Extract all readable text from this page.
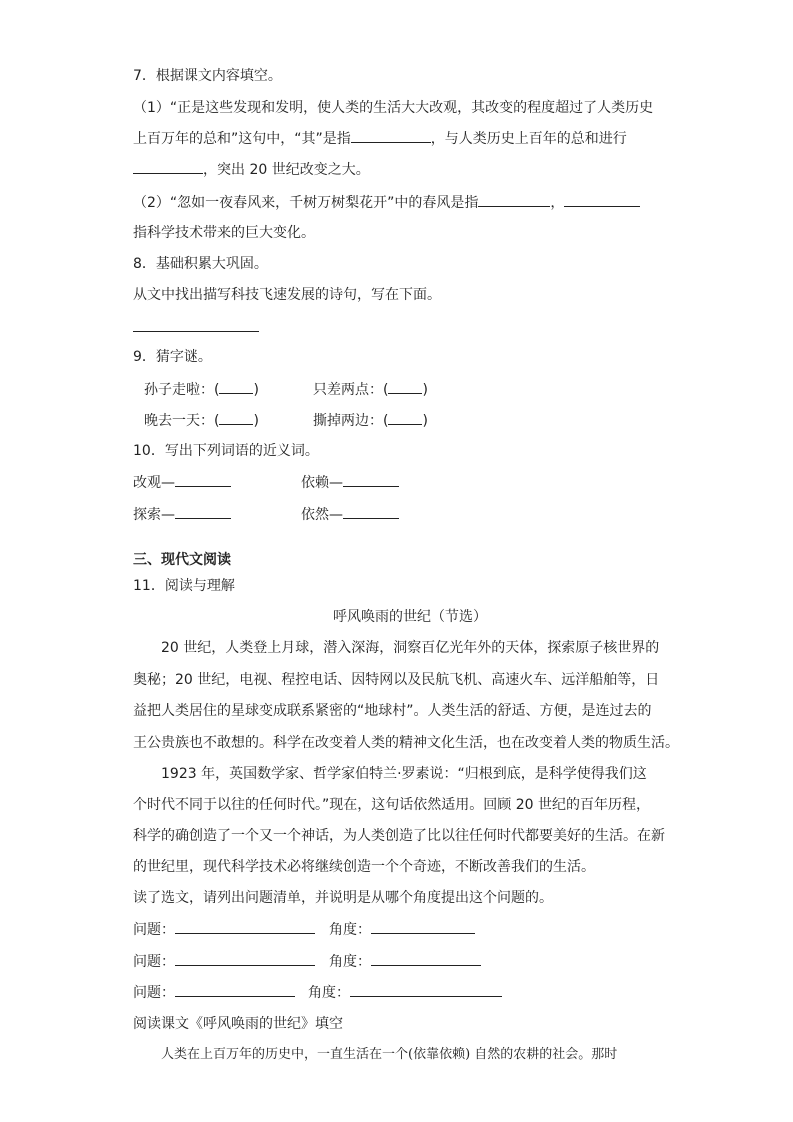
7．根据课文内容填空。
（1）“正是这些发现和发明，使人类的生活大大改观，其改变的程度超过了人类历史
上百万年的总和”这句中，“其”是指	，与人类历史上百年的总和进行
，突出 20 世纪改变之大。
（2）“忽如一夜春风来，千树万树梨花开”中的春风是指	，
指科学技术带来的巨大变化。
8．基础积累大巩固。
从文中找出描写科技飞速发展的诗句，写在下面。
9．猜字谜。
孙子走啦：( )	只差两点：( )
晚去一天：( )	撕掉两边：( )
10．写出下列词语的近义词。
改观—	依赖—
探索—	依然—
三、现代文阅读
11．阅读与理解
呼风唤雨的世纪（节选）
20 世纪，人类登上月球，潜入深海，洞察百亿光年外的天体，探索原子核世界的
奥秘；20 世纪，电视、程控电话、因特网以及民航飞机、高速火车、远洋船舶等，日
益把人类居住的星球变成联系紧密的“地球村”。人类生活的舒适、方便，是连过去的
王公贵族也不敢想的。科学在改变着人类的精神文化生活，也在改变着人类的物质生活。
1923 年，英国数学家、哲学家伯特兰·罗素说：“归根到底，是科学使得我们这
个时代不同于以往的任何时代。”现在，这句话依然适用。回顾 20 世纪的百年历程，
科学的确创造了一个又一个神话，为人类创造了比以往任何时代都要美好的生活。在新
的世纪里，现代科学技术必将继续创造一个个奇迹，不断改善我们的生活。
读了选文，请列出问题清单，并说明是从哪个角度提出这个问题的。
问题：	角度：
问题：	角度：
问题：	角度：
阅读课文《呼风唤雨的世纪》填空
人类在上百万年的历史中，一直生活在一个(依靠依赖) 自然的农耕的社会。那时
